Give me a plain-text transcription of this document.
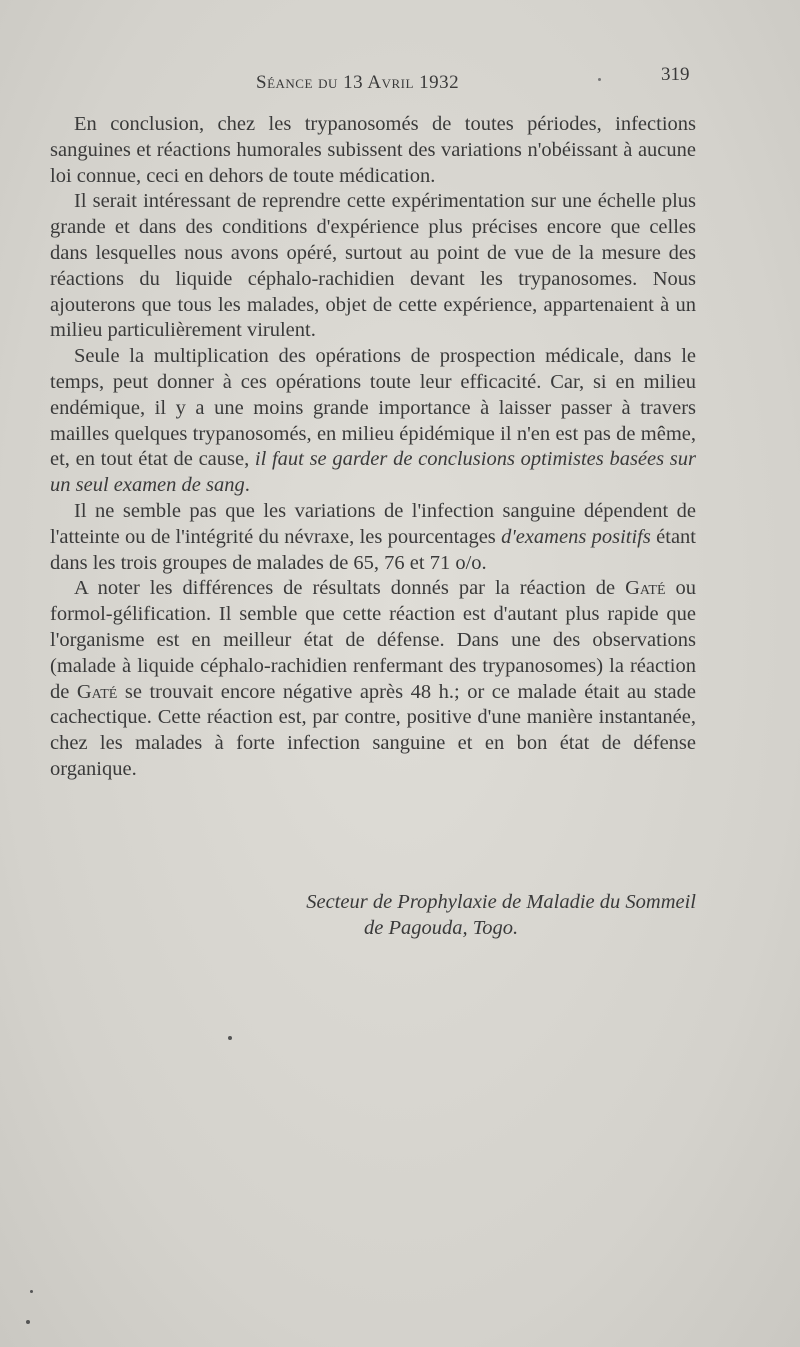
Séance du 13 Avril 1932	319

En conclusion, chez les trypanosomés de toutes périodes, infections sanguines et réactions humorales subissent des variations n'obéissant à aucune loi connue, ceci en dehors de toute médication.

Il serait intéressant de reprendre cette expérimentation sur une échelle plus grande et dans des conditions d'expérience plus précises encore que celles dans lesquelles nous avons opéré, surtout au point de vue de la mesure des réactions du liquide céphalo-rachidien devant les trypanosomes. Nous ajouterons que tous les malades, objet de cette expérience, appartenaient à un milieu particulièrement virulent.

Seule la multiplication des opérations de prospection médicale, dans le temps, peut donner à ces opérations toute leur efficacité. Car, si en milieu endémique, il y a une moins grande importance à laisser passer à travers mailles quelques trypanosomés, en milieu épidémique il n'en est pas de même, et, en tout état de cause, il faut se garder de conclusions optimistes basées sur un seul examen de sang.

Il ne semble pas que les variations de l'infection sanguine dépendent de l'atteinte ou de l'intégrité du névraxe, les pourcentages d'examens positifs étant dans les trois groupes de malades de 65, 76 et 71 o/o.

A noter les différences de résultats donnés par la réaction de Gaté ou formol-gélification. Il semble que cette réaction est d'autant plus rapide que l'organisme est en meilleur état de défense. Dans une des observations (malade à liquide céphalo-rachidien renfermant des trypanosomes) la réaction de Gaté se trouvait encore négative après 48 h.; or ce malade était au stade cachectique. Cette réaction est, par contre, positive d'une manière instantanée, chez les malades à forte infection sanguine et en bon état de défense organique.

Secteur de Prophylaxie de Maladie du Sommeil
de Pagouda, Togo.
